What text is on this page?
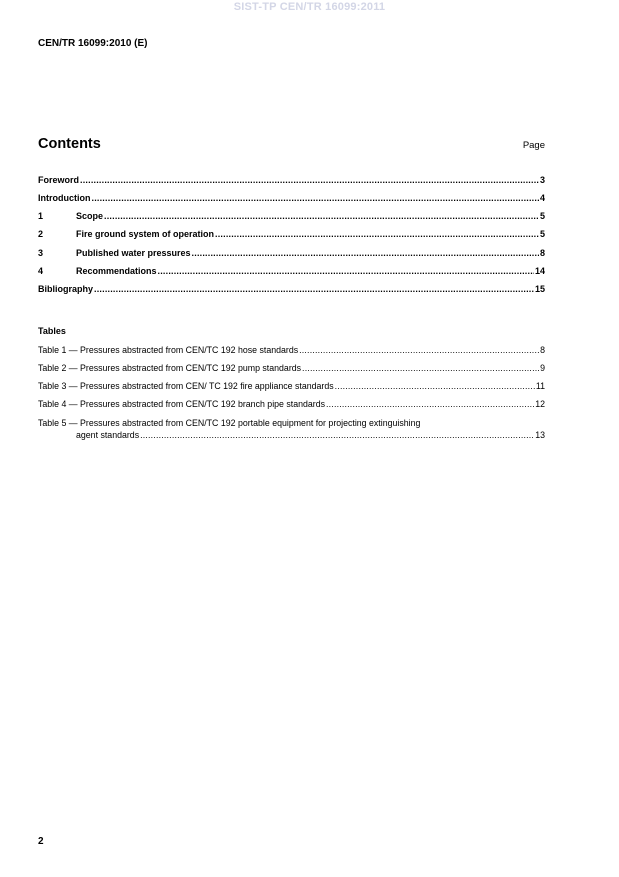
SIST-TP CEN/TR 16099:2011
CEN/TR 16099:2010 (E)
Contents	Page
Foreword .....	3
Introduction .....	4
1	Scope .....	5
2	Fire ground system of operation .....	5
3	Published water pressures .....	8
4	Recommendations .....	14
Bibliography .....	15
Tables
Table 1 — Pressures abstracted from CEN/TC 192 hose standards .....	8
Table 2 — Pressures abstracted from CEN/TC 192 pump standards .....	9
Table 3 — Pressures abstracted from CEN/ TC 192 fire appliance standards .....	11
Table 4 — Pressures abstracted from CEN/TC 192 branch pipe standards .....	12
Table 5 — Pressures abstracted from CEN/TC 192 portable equipment for projecting extinguishing
agent standards .....	13
2
